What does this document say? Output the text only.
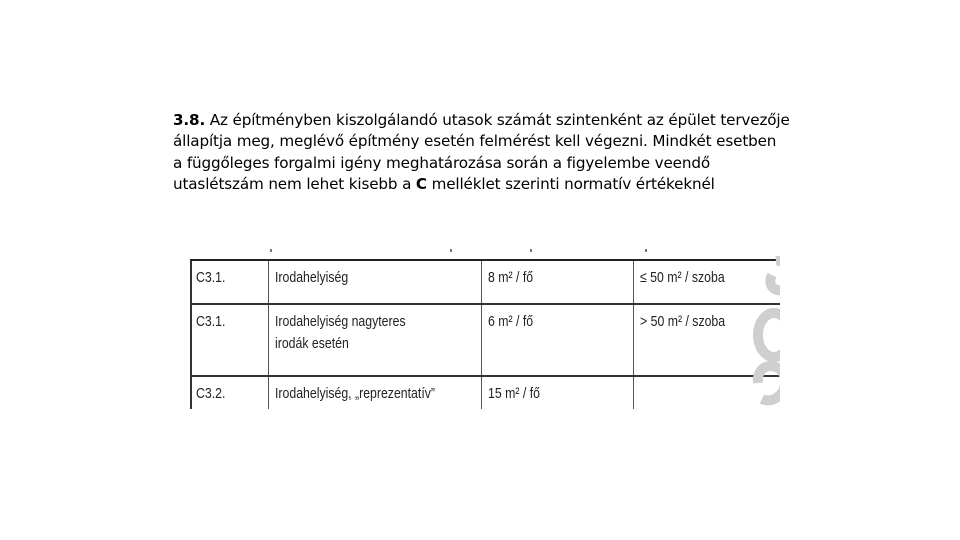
3.8. Az építményben kiszolgálandó utasok számát szintenként az épület tervezője
állapítja meg, meglévő építmény esetén felmérést kell végezni. Mindkét esetben
a függőleges forgalmi igény meghatározása során a figyelembe veendő
utaslétszám nem lehet kisebb a C melléklet szerinti normatív értékeknél
C3.1.	Irodahelyiség	8 m² / fő	≤ 50 m² / szoba
C3.1.	Irodahelyiség nagyteres irodák esetén	6 m² / fő	> 50 m² / szoba
C3.2.	Irodahelyiség, „reprezentatív”	15 m² / fő	
